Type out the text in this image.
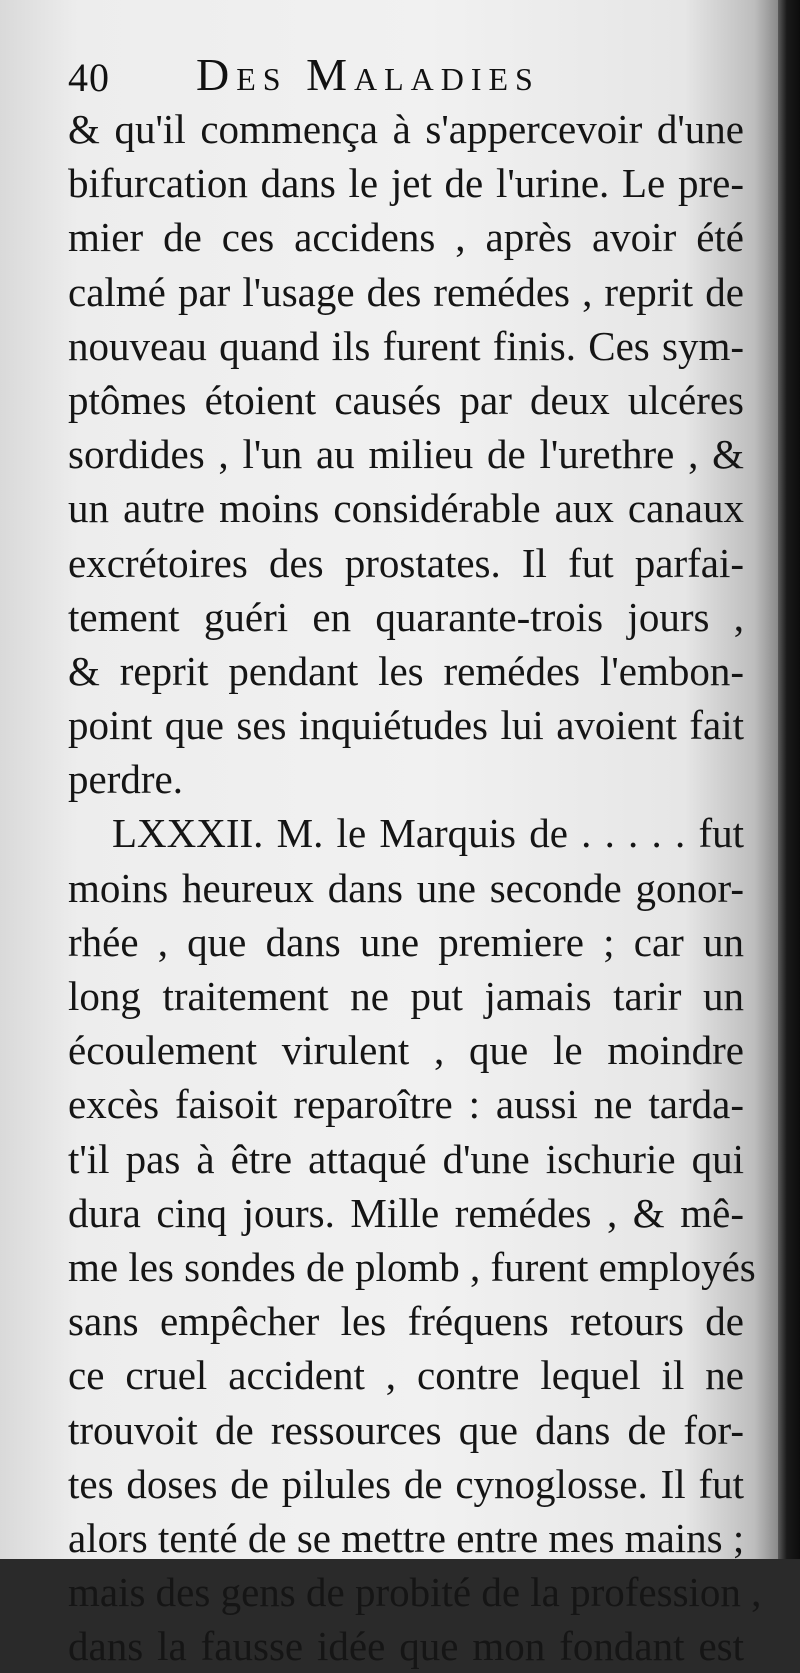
40 Des Maladies
& qu'il commença à s'appercevoir d'une
bifurcation dans le jet de l'urine. Le pre-
mier de ces accidens , après avoir été
calmé par l'usage des remédes , reprit de
nouveau quand ils furent finis. Ces sym-
ptômes étoient causés par deux ulcéres
sordides , l'un au milieu de l'urethre , &
un autre moins considérable aux canaux
excrétoires des prostates. Il fut parfai-
tement guéri en quarante-trois jours ,
& reprit pendant les remédes l'embon-
point que ses inquiétudes lui avoient fait
perdre.
LXXXII. M. le Marquis de . . . . . fut
moins heureux dans une seconde gonor-
rhée , que dans une premiere ; car un
long traitement ne put jamais tarir un
écoulement virulent , que le moindre
excès faisoit reparoître : aussi ne tarda-
t'il pas à être attaqué d'une ischurie qui
dura cinq jours. Mille remédes , & mê-
me les sondes de plomb , furent employés
sans empêcher les fréquens retours de
ce cruel accident , contre lequel il ne
trouvoit de ressources que dans de for-
tes doses de pilules de cynoglosse. Il fut
alors tenté de se mettre entre mes mains ;
mais des gens de probité de la profession ,
dans la fausse idée que mon fondant est
